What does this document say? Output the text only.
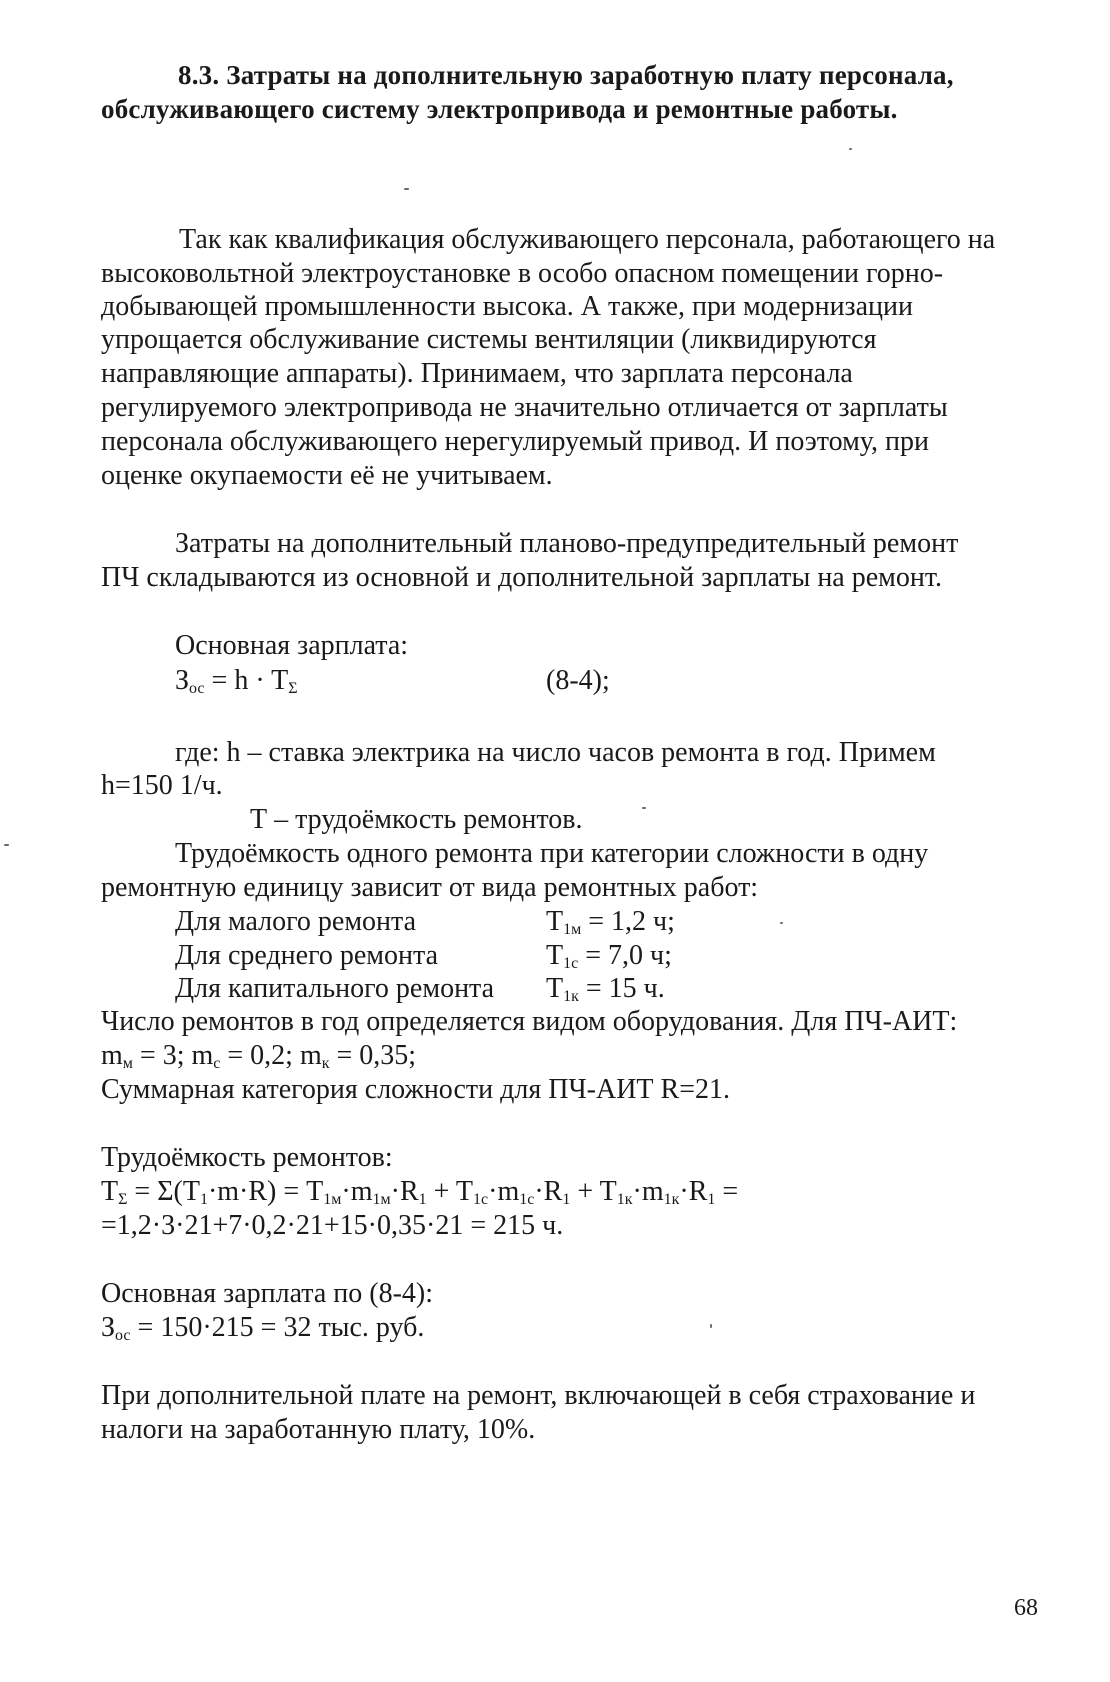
8.3. Затраты на дополнительную заработную плату персонала,
обслуживающего систему электропривода и ремонтные работы.
Так как квалификация обслуживающего персонала, работающего на
высоковольтной электроустановке в особо опасном помещении горно-
добывающей промышленности высока. А также, при модернизации
упрощается обслуживание системы вентиляции (ликвидируются
направляющие аппараты). Принимаем, что зарплата персонала
регулируемого электропривода не значительно отличается от зарплаты
персонала обслуживающего нерегулируемый привод. И поэтому, при
оценке окупаемости её не учитываем.
Затраты на дополнительный планово-предупредительный ремонт
ПЧ складываются из основной и дополнительной зарплаты на ремонт.
Основная зарплата:
$З_{ос} = h \cdot T_\Sigma$	(8-4);
где: h – ставка электрика на число часов ремонта в год. Примем
h=150 1/ч.
Т – трудоёмкость ремонтов.
Трудоёмкость одного ремонта при категории сложности в одну
ремонтную единицу зависит от вида ремонтных работ:
Для малого ремонта	$Т_{1м} = 1,2$ ч;
Для среднего ремонта	$Т_{1с} = 7,0$ ч;
Для капитального ремонта $Т_{1к} = 15$ ч.
Число ремонтов в год определяется видом оборудования. Для ПЧ-АИТ:
$m_м = 3$; $m_с = 0,2$; $m_к = 0,35$;
Суммарная категория сложности для ПЧ-АИТ R=21.
Трудоёмкость ремонтов:
$T_\Sigma = \Sigma(T_1\cdot m\cdot R) = T_{1м}\cdot m_{1м}\cdot R_1 + T_{1с}\cdot m_{1с}\cdot R_1 + T_{1к}\cdot m_{1к}\cdot R_1$ =
=1,2·3·21+7·0,2·21+15·0,35·21 = 215 ч.
Основная зарплата по (8-4):
$З_{ос} = 150\cdot 215 = 32$ тыс. руб.
При дополнительной плате на ремонт, включающей в себя страхование и
налоги на заработанную плату, 10%.
68
